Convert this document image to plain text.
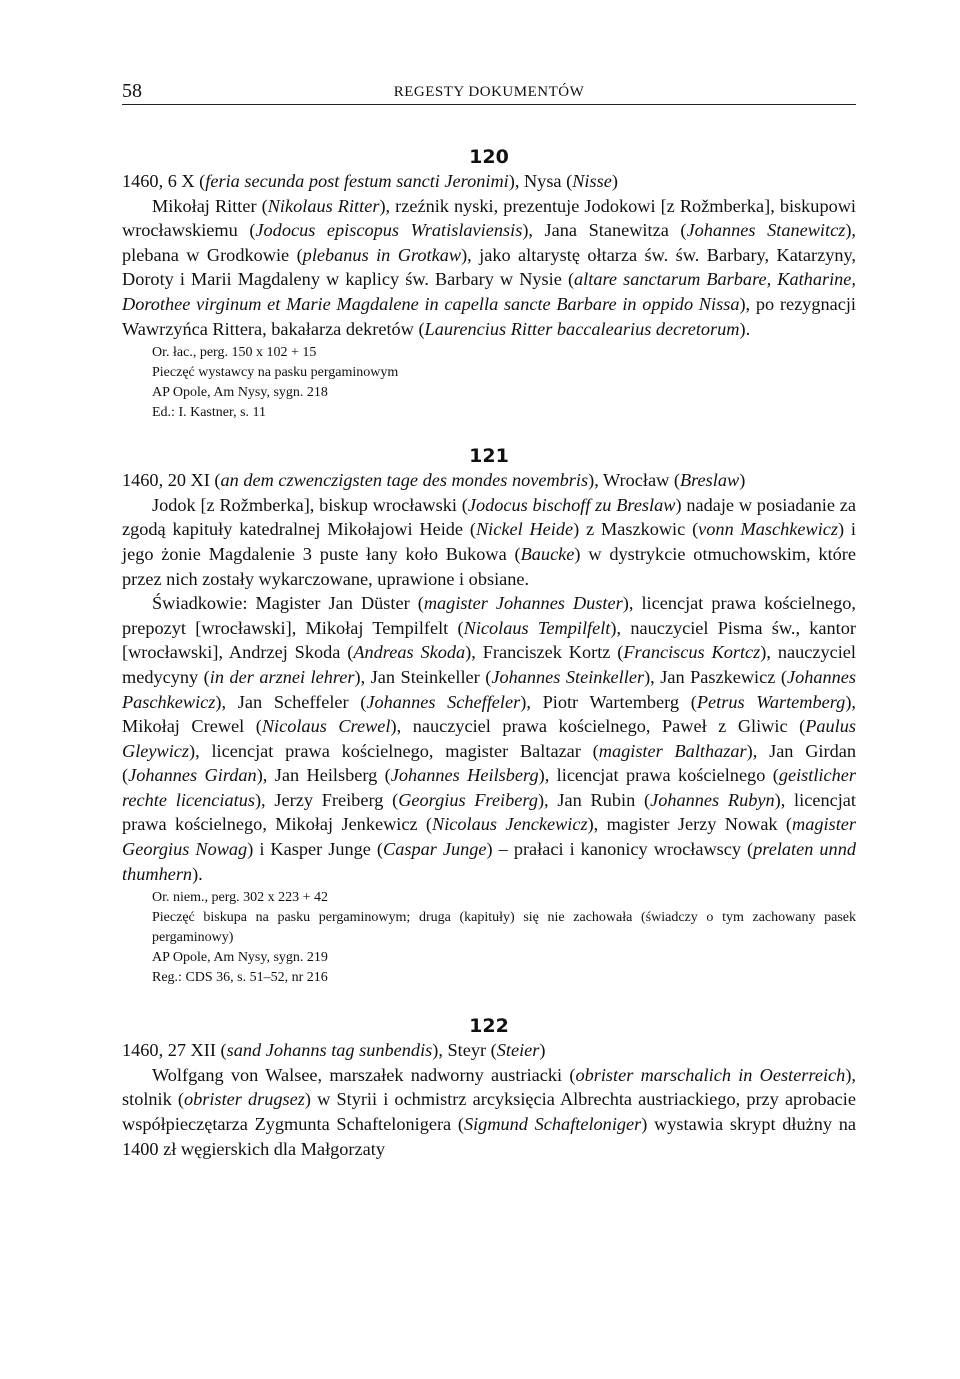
58	REGESTY DOKUMENTÓW
120

1460, 6 X (feria secunda post festum sancti Jeronimi), Nysa (Nisse)

Mikołaj Ritter (Nikolaus Ritter), rzeźnik nyski, prezentuje Jodokowi [z Rožmberka], biskupowi wrocławskiemu (Jodocus episcopus Wratislaviensis), Jana Stanewitza (Johannes Stanewitcz), plebana w Grodkowie (plebanus in Grotkaw), jako altarystę ołtarza św. św. Barbary, Katarzyny, Doroty i Marii Magdaleny w kaplicy św. Barbary w Nysie (altare sanctarum Barbare, Katharine, Dorothee virginum et Marie Magdalene in capella sancte Barbare in oppido Nissa), po rezygnacji Wawrzyńca Rittera, bakałarza dekretów (Laurencius Ritter baccalearius decretorum).

Or. łac., perg. 150 x 102 + 15
Pieczęć wystawcy na pasku pergaminowym
AP Opole, Am Nysy, sygn. 218
Ed.: I. Kastner, s. 11
121

1460, 20 XI (an dem czwenczigsten tage des mondes novembris), Wrocław (Breslaw)

Jodok [z Rožmberka], biskup wrocławski (Jodocus bischoff zu Breslaw) nadaje w posiadanie za zgodą kapituły katedralnej Mikołajowi Heide (Nickel Heide) z Maszkowic (vonn Maschkewicz) i jego żonie Magdalenie 3 puste łany koło Bukowa (Baucke) w dystrykcie otmuchowskim, które przez nich zostały wykarczowane, uprawione i obsiane.

Świadkowie: Magister Jan Düster (magister Johannes Duster), licencjat prawa kościelnego, prepozyt [wrocławski], Mikołaj Tempilfelt (Nicolaus Tempilfelt), nauczyciel Pisma św., kantor [wrocławski], Andrzej Skoda (Andreas Skoda), Franciszek Kortz (Franciscus Kortcz), nauczyciel medycyny (in der arznei lehrer), Jan Steinkeller (Johannes Steinkeller), Jan Paszkewicz (Johannes Paschkewicz), Jan Scheffeler (Johannes Scheffeler), Piotr Wartemberg (Petrus Wartemberg), Mikołaj Crewel (Nicolaus Crewel), nauczyciel prawa kościelnego, Paweł z Gliwic (Paulus Gleywicz), licencjat prawa kościelnego, magister Baltazar (magister Balthazar), Jan Girdan (Johannes Girdan), Jan Heilsberg (Johannes Heilsberg), licencjat prawa kościelnego (geistlicher rechte licenciatus), Jerzy Freiberg (Georgius Freiberg), Jan Rubin (Johannes Rubyn), licencjat prawa kościelnego, Mikołaj Jenkewicz (Nicolaus Jenckewicz), magister Jerzy Nowak (magister Georgius Nowag) i Kasper Junge (Caspar Junge) – prałaci i kanonicy wrocławscy (prelaten unnd thumhern).

Or. niem., perg. 302 x 223 + 42
Pieczęć biskupa na pasku pergaminowym; druga (kapituły) się nie zachowała (świadczy o tym zachowany pasek pergaminowy)
AP Opole, Am Nysy, sygn. 219
Reg.: CDS 36, s. 51–52, nr 216
122

1460, 27 XII (sand Johanns tag sunbendis), Steyr (Steier)

Wolfgang von Walsee, marszałek nadworny austriacki (obrister marschalich in Oesterreich), stolnik (obrister drugsez) w Styrii i ochmistrz arcyksięcia Albrechta austriackiego, przy aprobacie współpieczętarza Zygmunta Schaftelonigera (Sigmund Schafteloniger) wystawia skrypt dłużny na 1400 zł węgierskich dla Małgorzaty
